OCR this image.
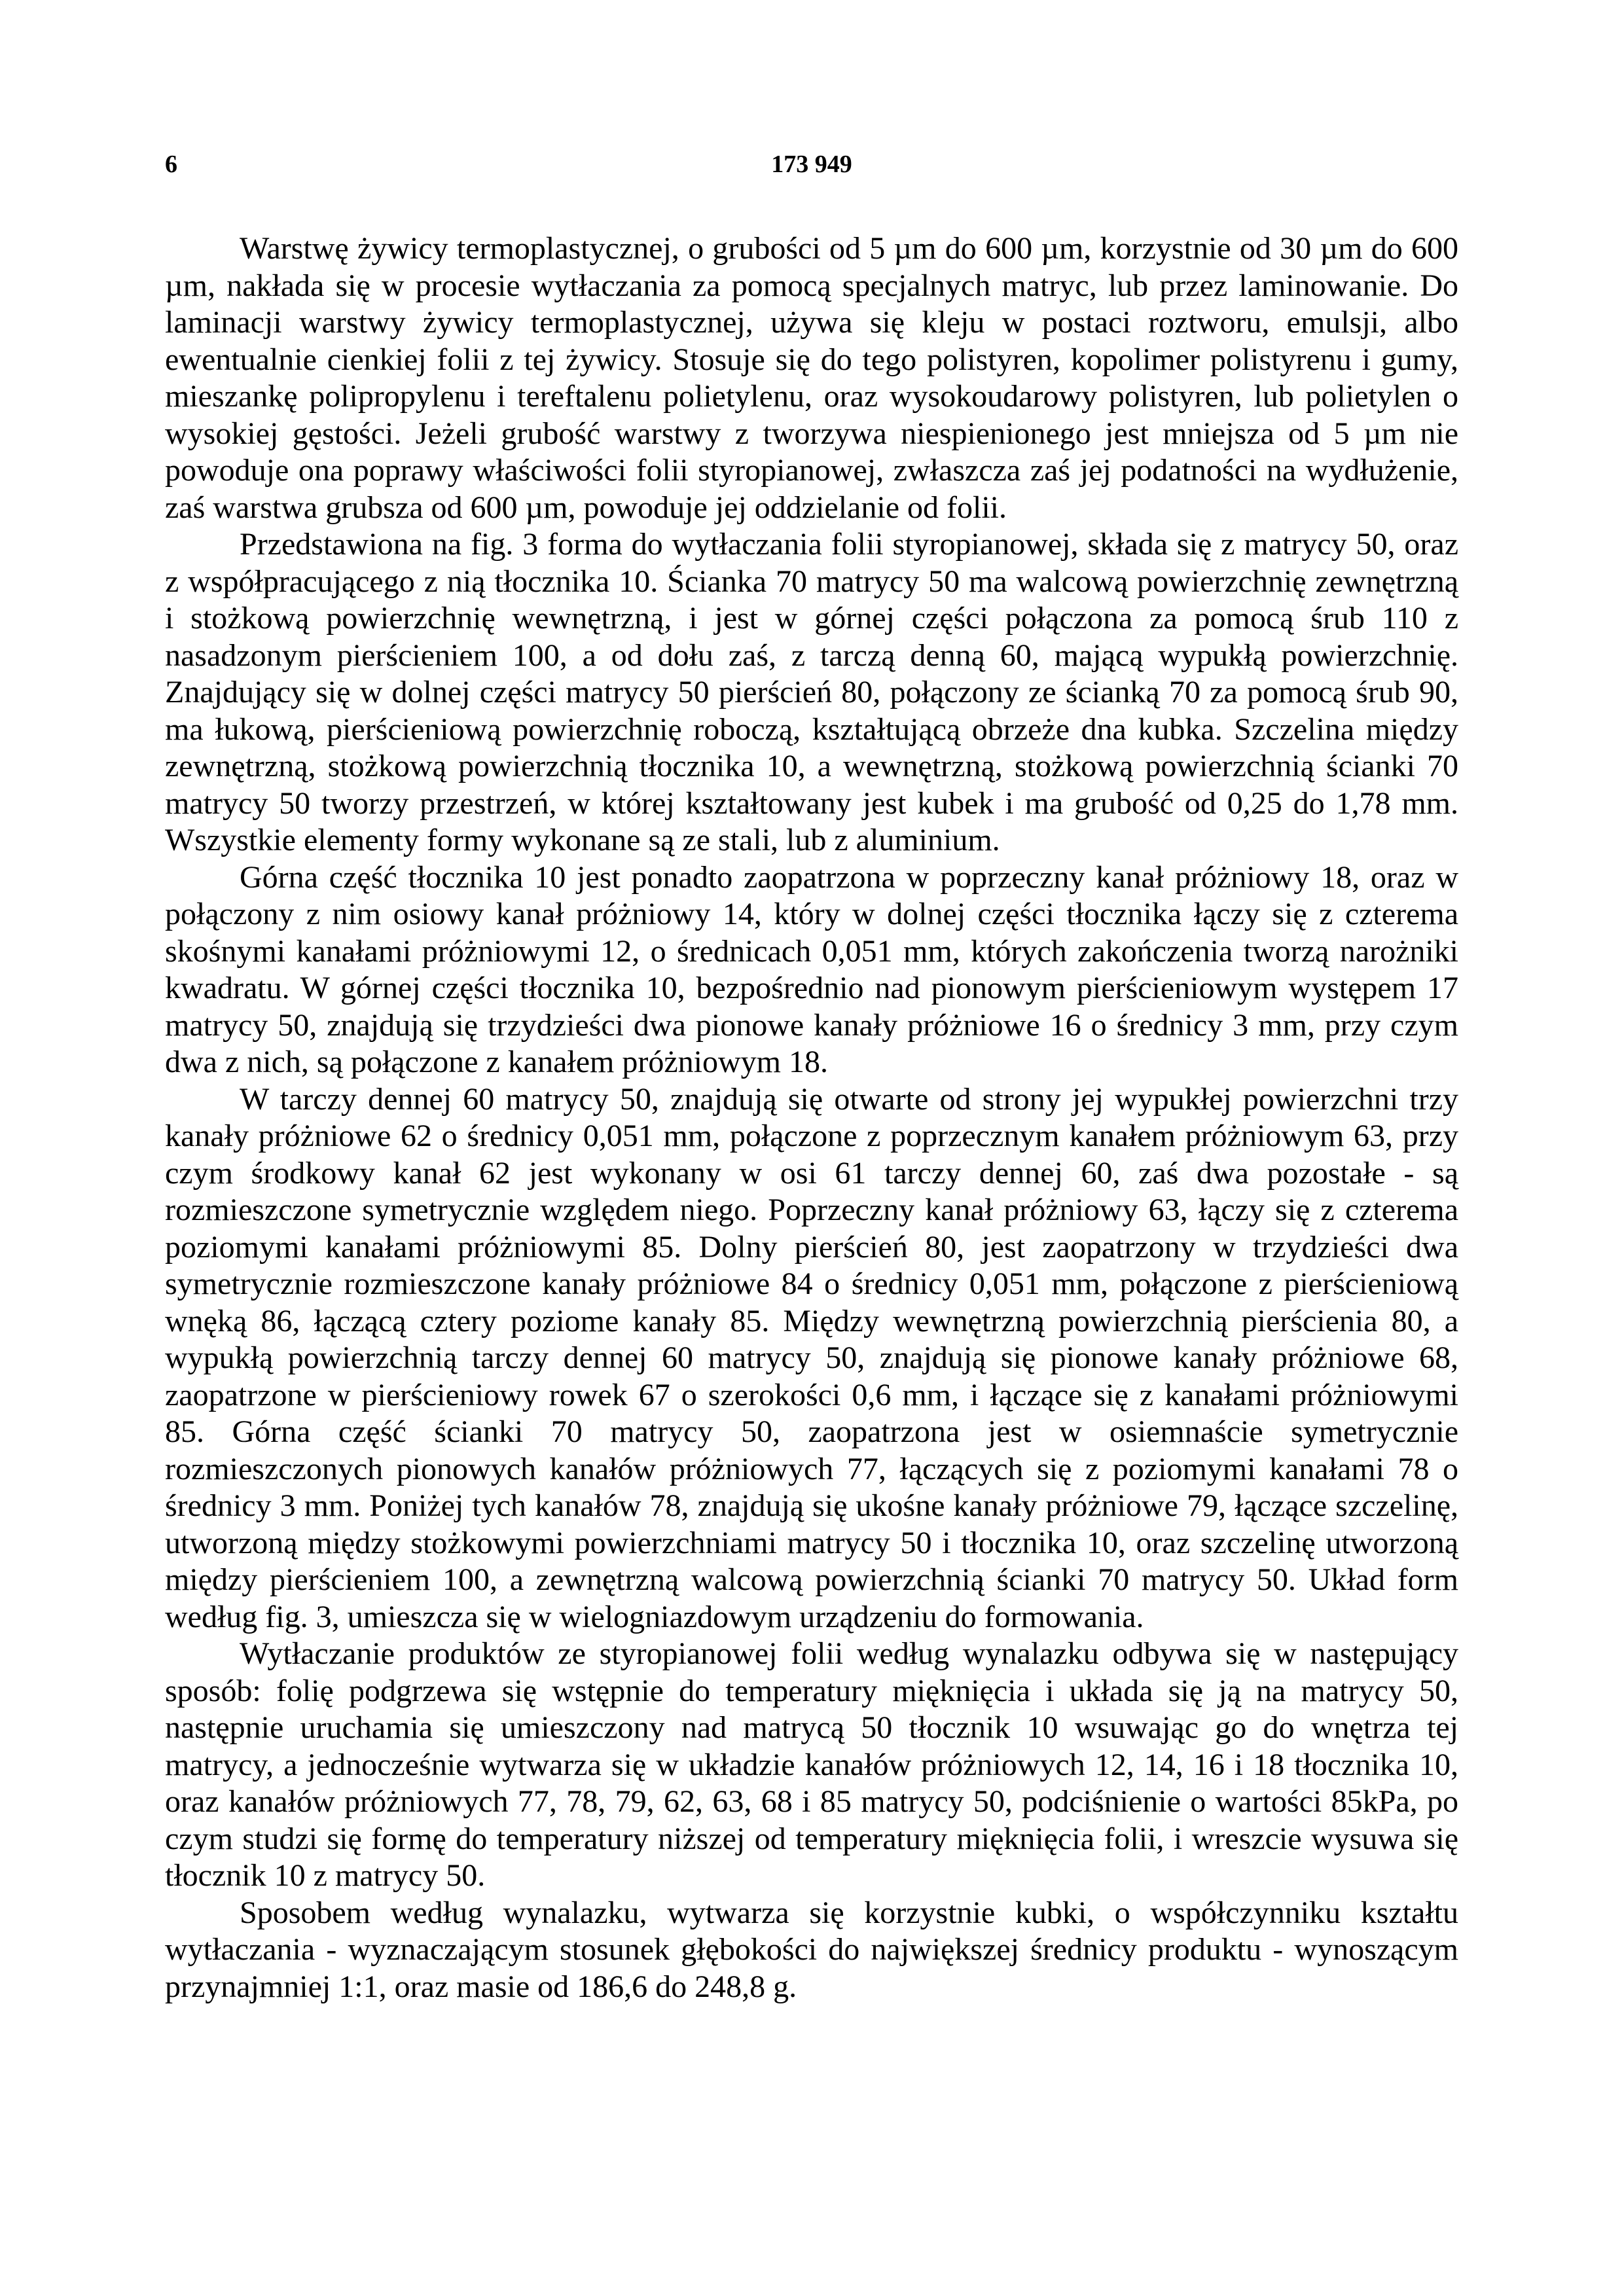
6	173 949

Warstwę żywicy termoplastycznej, o grubości od 5 µm do 600 µm, korzystnie od 30 µm do 600 µm, nakłada się w procesie wytłaczania za pomocą specjalnych matryc, lub przez laminowanie. Do laminacji warstwy żywicy termoplastycznej, używa się kleju w postaci roztworu, emulsji, albo ewentualnie cienkiej folii z tej żywicy. Stosuje się do tego polistyren, kopolimer polistyrenu i gumy, mieszankę polipropylenu i tereftalenu polietylenu, oraz wysokoudarowy polistyren, lub polietylen o wysokiej gęstości. Jeżeli grubość warstwy z tworzywa niespienionego jest mniejsza od 5 µm nie powoduje ona poprawy właściwości folii styropianowej, zwłaszcza zaś jej podatności na wydłużenie, zaś warstwa grubsza od 600 µm, powoduje jej oddzielanie od folii.

Przedstawiona na fig. 3 forma do wytłaczania folii styropianowej, składa się z matrycy 50, oraz z współpracującego z nią tłocznika 10. Ścianka 70 matrycy 50 ma walcową powierzchnię zewnętrzną i stożkową powierzchnię wewnętrzną, i jest w górnej części połączona za pomocą śrub 110 z nasadzonym pierścieniem 100, a od dołu zaś, z tarczą denną 60, mającą wypukłą powierzchnię. Znajdujący się w dolnej części matrycy 50 pierścień 80, połączony ze ścianką 70 za pomocą śrub 90, ma łukową, pierścieniową powierzchnię roboczą, kształtującą obrzeże dna kubka. Szczelina między zewnętrzną, stożkową powierzchnią tłocznika 10, a wewnętrzną, stożkową powierzchnią ścianki 70 matrycy 50 tworzy przestrzeń, w której kształtowany jest kubek i ma grubość od 0,25 do 1,78 mm. Wszystkie elementy formy wykonane są ze stali, lub z aluminium.

Górna część tłocznika 10 jest ponadto zaopatrzona w poprzeczny kanał próżniowy 18, oraz w połączony z nim osiowy kanał próżniowy 14, który w dolnej części tłocznika łączy się z czterema skośnymi kanałami próżniowymi 12, o średnicach 0,051 mm, których zakończenia tworzą narożniki kwadratu. W górnej części tłocznika 10, bezpośrednio nad pionowym pierścieniowym występem 17 matrycy 50, znajdują się trzydzieści dwa pionowe kanały próżniowe 16 o średnicy 3 mm, przy czym dwa z nich, są połączone z kanałem próżniowym 18.

W tarczy dennej 60 matrycy 50, znajdują się otwarte od strony jej wypukłej powierzchni trzy kanały próżniowe 62 o średnicy 0,051 mm, połączone z poprzecznym kanałem próżniowym 63, przy czym środkowy kanał 62 jest wykonany w osi 61 tarczy dennej 60, zaś dwa pozostałe - są rozmieszczone symetrycznie względem niego. Poprzeczny kanał próżniowy 63, łączy się z czterema poziomymi kanałami próżniowymi 85. Dolny pierścień 80, jest zaopatrzony w trzydzieści dwa symetrycznie rozmieszczone kanały próżniowe 84 o średnicy 0,051 mm, połączone z pierścieniową wnęką 86, łączącą cztery poziome kanały 85. Między wewnętrzną powierzchnią pierścienia 80, a wypukłą powierzchnią tarczy dennej 60 matrycy 50, znajdują się pionowe kanały próżniowe 68, zaopatrzone w pierścieniowy rowek 67 o szerokości 0,6 mm, i łączące się z kanałami próżniowymi 85. Górna część ścianki 70 matrycy 50, zaopatrzona jest w osiemnaście symetrycznie rozmieszczonych pionowych kanałów próżniowych 77, łączących się z poziomymi kanałami 78 o średnicy 3 mm. Poniżej tych kanałów 78, znajdują się ukośne kanały próżniowe 79, łączące szczelinę, utworzoną między stożkowymi powierzchniami matrycy 50 i tłocznika 10, oraz szczelinę utworzoną między pierścieniem 100, a zewnętrzną walcową powierzchnią ścianki 70 matrycy 50. Układ form według fig. 3, umieszcza się w wielogniazdowym urządzeniu do formowania.

Wytłaczanie produktów ze styropianowej folii według wynalazku odbywa się w następujący sposób: folię podgrzewa się wstępnie do temperatury mięknięcia i układa się ją na matrycy 50, następnie uruchamia się umieszczony nad matrycą 50 tłocznik 10 wsuwając go do wnętrza tej matrycy, a jednocześnie wytwarza się w układzie kanałów próżniowych 12, 14, 16 i 18 tłocznika 10, oraz kanałów próżniowych 77, 78, 79, 62, 63, 68 i 85 matrycy 50, podciśnienie o wartości 85kPa, po czym studzi się formę do temperatury niższej od temperatury mięknięcia folii, i wreszcie wysuwa się tłocznik 10 z matrycy 50.

Sposobem według wynalazku, wytwarza się korzystnie kubki, o współczynniku kształtu wytłaczania - wyznaczającym stosunek głębokości do największej średnicy produktu - wynoszącym przynajmniej 1:1, oraz masie od 186,6 do 248,8 g.
